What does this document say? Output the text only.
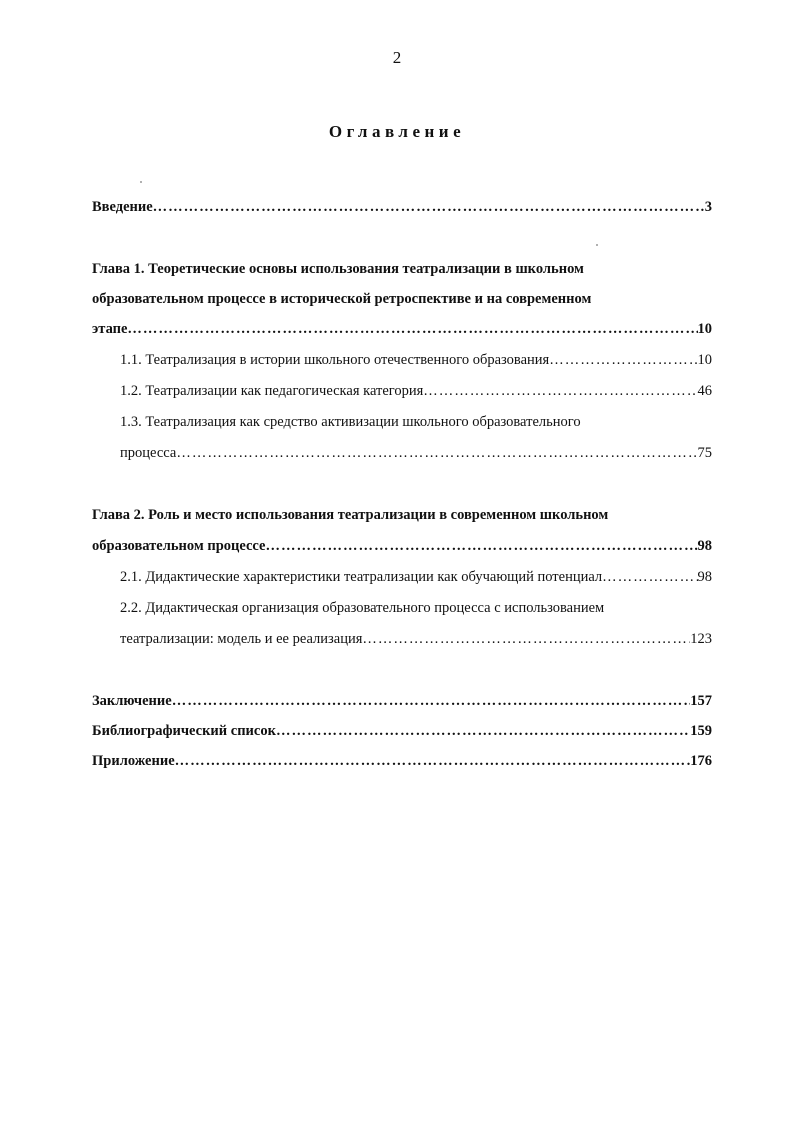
2
Оглавление
Введение …………………………………………………………………………………………………………………………………………	3
Глава 1. Теоретические основы использования театрализации в школьном
образовательном процессе в исторической ретроспективе и на современном
этапе …………………………………………………………………………………………………………………………………………	10
1.1. Театрализация в истории школьного отечественного образования …………………………………………………………………………………………………………………………………………	10
1.2. Театрализации как педагогическая категория …………………………………………………………………………………………………………………………………………	46
1.3. Театрализация как средство активизации школьного образовательного
процесса …………………………………………………………………………………………………………………………………………	75
Глава 2. Роль и место использования театрализации в современном школьном
образовательном процессе …………………………………………………………………………………………………………………………………………	98
2.1. Дидактические характеристики театрализации как обучающий потенциал …………………………………………………………………………………………………………………………………………	98
2.2. Дидактическая организация образовательного процесса с использованием
театрализации: модель и ее реализация …………………………………………………………………………………………………………………………………………	123
Заключение …………………………………………………………………………………………………………………………………………	157
Библиографический список …………………………………………………………………………………………………………………………………………	159
Приложение …………………………………………………………………………………………………………………………………………	176
